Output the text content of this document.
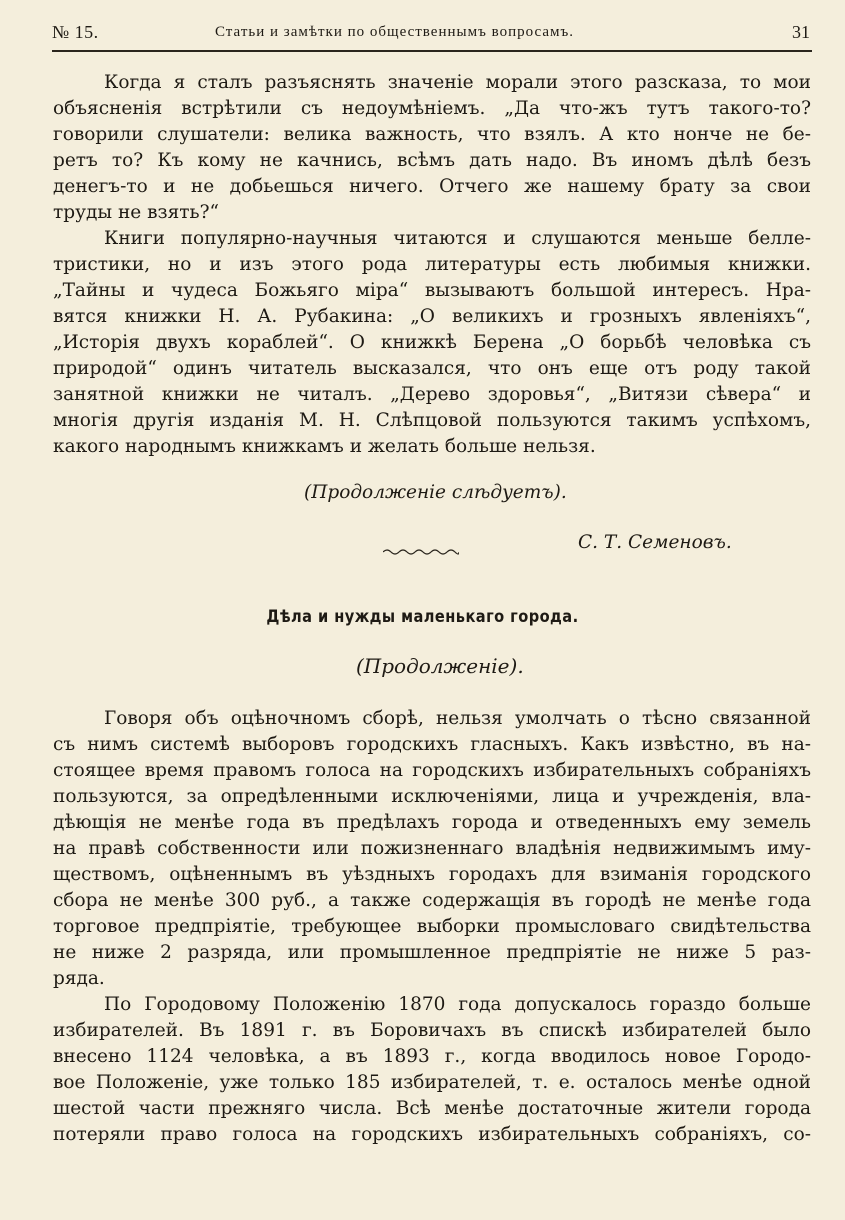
№ 15.	Статьи и замѣтки по общественнымъ вопросамъ.	31
Когда я сталъ разъяснять значенiе морали этого разсказа, то мои
объясненiя встрѣтили съ недоумѣнiемъ. „Да что-жъ тутъ такого-то?
говорили слушатели: велика важность, что взялъ. А кто нонче не бе-
ретъ то? Къ кому не качнись, всѣмъ дать надо. Въ иномъ дѣлѣ безъ
денегъ-то и не добьешься ничего. Отчего же нашему брату за свои
труды не взять?“
Книги популярно-научныя читаются и слушаются меньше белле-
тристики, но и изъ этого рода литературы есть любимыя книжки.
„Тайны и чудеса Божьяго мiра“ вызываютъ большой интересъ. Нра-
вятся книжки Н. А. Рубакина: „О великихъ и грозныхъ явленiяхъ“,
„Исторiя двухъ кораблей“. О книжкѣ Берена „О борьбѣ человѣка съ
природой“ одинъ читатель высказался, что онъ еще отъ роду такой
занятной книжки не читалъ. „Дерево здоровья“, „Витязи сѣвера“ и
многiя другiя изданiя М. Н. Слѣпцовой пользуются такимъ успѣхомъ,
какого народнымъ книжкамъ и желать больше нельзя.
(Продолженiе слѣдуетъ).
С. Т. Семеновъ.
Дѣла и нужды маленькаго города.
(Продолженiе).
Говоря объ оцѣночномъ сборѣ, нельзя умолчать о тѣсно связанной
съ нимъ системѣ выборовъ городскихъ гласныхъ. Какъ извѣстно, въ на-
стоящее время правомъ голоса на городскихъ избирательныхъ собранiяхъ
пользуются, за опредѣленными исключенiями, лица и учрежденiя, вла-
дѣющiя не менѣе года въ предѣлахъ города и отведенныхъ ему земель
на правѣ собственности или пожизненнаго владѣнiя недвижимымъ иму-
ществомъ, оцѣненнымъ въ уѣздныхъ городахъ для взиманiя городского
сбора не менѣе 300 руб., а также содержащiя въ городѣ не менѣе года
торговое предпрiятiе, требующее выборки промысловаго свидѣтельства
не ниже 2 разряда, или промышленное предпрiятiе не ниже 5 раз-
ряда.
По Городовому Положенiю 1870 года допускалось гораздо больше
избирателей. Въ 1891 г. въ Боровичахъ въ спискѣ избирателей было
внесено 1124 человѣка, а въ 1893 г., когда вводилось новое Городо-
вое Положенiе, уже только 185 избирателей, т. е. осталось менѣе одной
шестой части прежняго числа. Всѣ менѣе достаточные жители города
потеряли право голоса на городскихъ избирательныхъ собранiяхъ, со-
